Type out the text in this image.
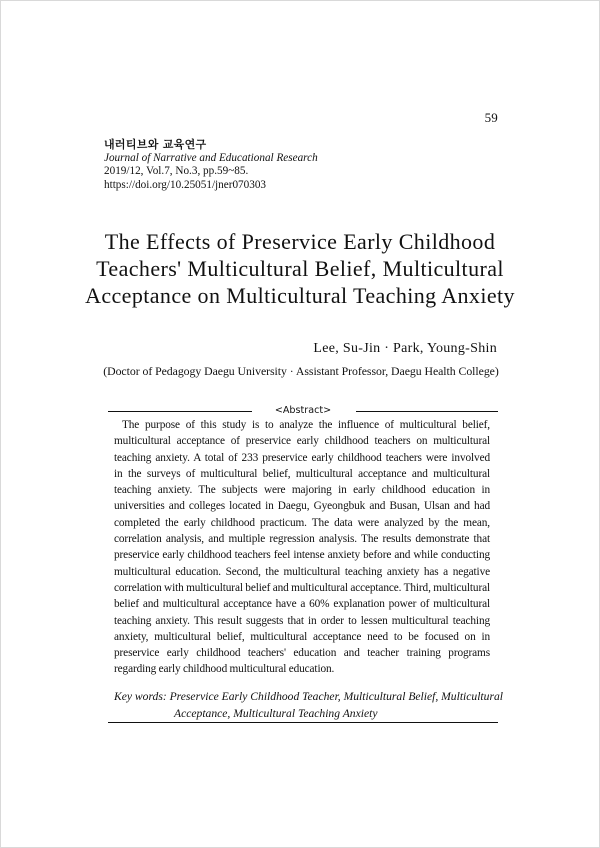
59
내러티브와 교육연구
Journal of Narrative and Educational Research
2019/12, Vol.7, No.3, pp.59~85.
https://doi.org/10.25051/jner070303
The Effects of Preservice Early Childhood
Teachers' Multicultural Belief, Multicultural
Acceptance on Multicultural Teaching Anxiety
Lee, Su-Jin · Park, Young-Shin
(Doctor of Pedagogy Daegu University · Assistant Professor, Daegu Health College)
<Abstract>
The purpose of this study is to analyze the influence of multicultural belief,
multicultural acceptance of preservice early childhood teachers on multicultural
teaching anxiety. A total of 233 preservice early childhood teachers were involved
in the surveys of multicultural belief, multicultural acceptance and multicultural
teaching anxiety. The subjects were majoring in early childhood education in
universities and colleges located in Daegu, Gyeongbuk and Busan, Ulsan and had
completed the early childhood practicum. The data were analyzed by the mean,
correlation analysis, and multiple regression analysis. The results demonstrate that
preservice early childhood teachers feel intense anxiety before and while conducting
multicultural education. Second, the multicultural teaching anxiety has a negative
correlation with multicultural belief and multicultural acceptance. Third, multicultural
belief and multicultural acceptance have a 60% explanation power of multicultural
teaching anxiety. This result suggests that in order to lessen multicultural teaching
anxiety, multicultural belief, multicultural acceptance need to be focused on in
preservice early childhood teachers' education and teacher training programs
regarding early childhood multicultural education.
Key words: Preservice Early Childhood Teacher, Multicultural Belief, Multicultural
Acceptance, Multicultural Teaching Anxiety
